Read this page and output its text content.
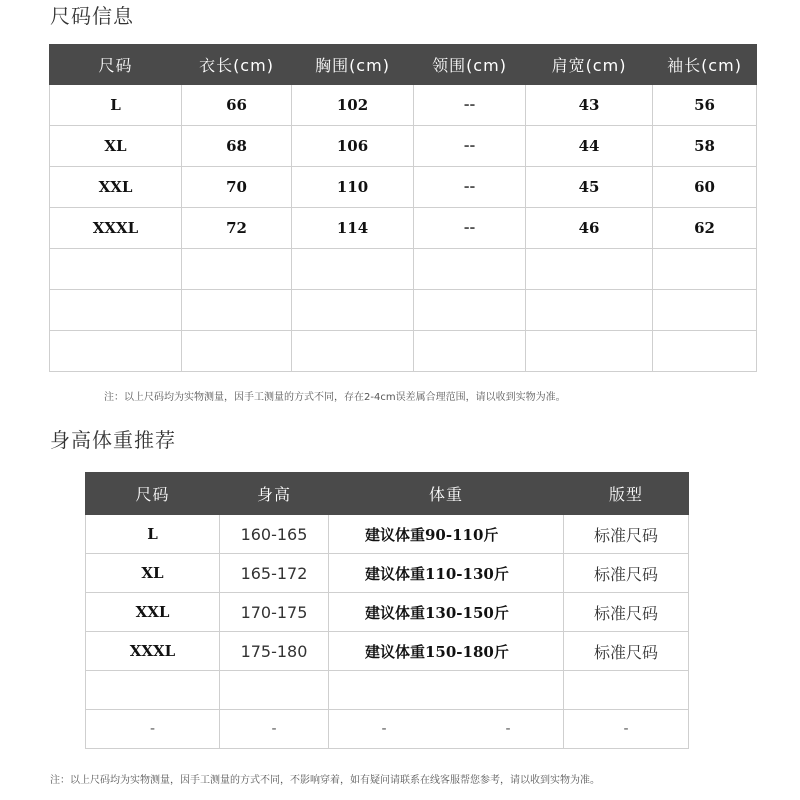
尺码信息
尺码	衣长(cm)	胸围(cm)	领围(cm)	肩宽(cm)	袖长(cm)
L	66	102	--	43	56
XL	68	106	--	44	58
XXL	70	110	--	45	60
XXXL	72	114	--	46	62

注：以上尺码均为实物测量，因手工测量的方式不同，存在2-4cm误差属合理范围，请以收到实物为准。

身高体重推荐
尺码	身高	体重	版型
L	160-165	建议体重90-110斤	标准尺码
XL	165-172	建议体重110-130斤	标准尺码
XXL	170-175	建议体重130-150斤	标准尺码
XXXL	175-180	建议体重150-180斤	标准尺码

-	-	- -	-

注：以上尺码均为实物测量，因手工测量的方式不同，不影响穿着，如有疑问请联系在线客服帮您参考，请以收到实物为准。
